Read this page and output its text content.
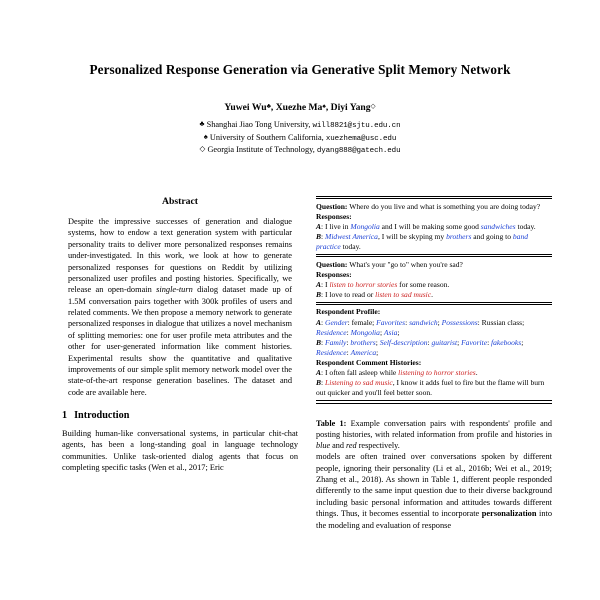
Personalized Response Generation via Generative Split Memory Network
Yuwei Wu♣, Xuezhe Ma♠, Diyi Yang◇
♣ Shanghai Jiao Tong University, will8821@sjtu.edu.cn
♠ University of Southern California, xuezhema@usc.edu
◇ Georgia Institute of Technology, dyang888@gatech.edu
Abstract

Despite the impressive successes of generation and dialogue systems, how to endow a text generation system with particular personality traits to deliver more personalized responses remains under-investigated. In this work, we look at how to generate personalized responses for questions on Reddit by utilizing personalized user profiles and posting histories. Specifically, we release an open-domain single-turn dialog dataset made up of 1.5M conversation pairs together with 300k profiles of users and related comments. We then propose a memory network to generate personalized responses in dialogue that utilizes a novel mechanism of splitting memories: one for user profile meta attributes and the other for user-generated information like comment histories. Experimental results show the quantitative and qualitative improvements of our simple split memory network model over the state-of-the-art response generation baselines. The dataset and code are available here.

1 Introduction

Building human-like conversational systems, in particular chit-chat agents, has been a long-standing goal in language technology communities. Unlike task-oriented dialog agents that focus on completing specific tasks (Wen et al., 2017; Eric

Question: Where do you live and what is something you are doing today?
Responses:
A: I live in Mongolia and I will be making some good sandwiches today.
B: Midwest America, I will be skyping my brothers and going to band practice today.
Question: What's your "go to" when you're sad?
Responses:
A: I listen to horror stories for some reason.
B: I love to read or listen to sad music.
Respondent Profile:
A: Gender: female; Favorites: sandwich; Possessions: Russian class; Residence: Mongolia; Asia;
B: Family: brothers; Self-description: guitarist; Favorite: fakebooks; Residence: America;
Respondent Comment Histories:
A: I often fall asleep while listening to horror stories.
B: Listening to sad music, I know it adds fuel to fire but the flame will burn out quicker and you'll feel better soon.

Table 1: Example conversation pairs with respondents' profile and posting histories, with related information from profile and histories in blue and red respectively.

models are often trained over conversations spoken by different people, ignoring their personality (Li et al., 2016b; Wei et al., 2019; Zhang et al., 2018). As shown in Table 1, different people responded differently to the same input question due to their diverse background including basic personal information and attitudes towards different things. Thus, it becomes essential to incorporate personalization into the modeling and evaluation of response
